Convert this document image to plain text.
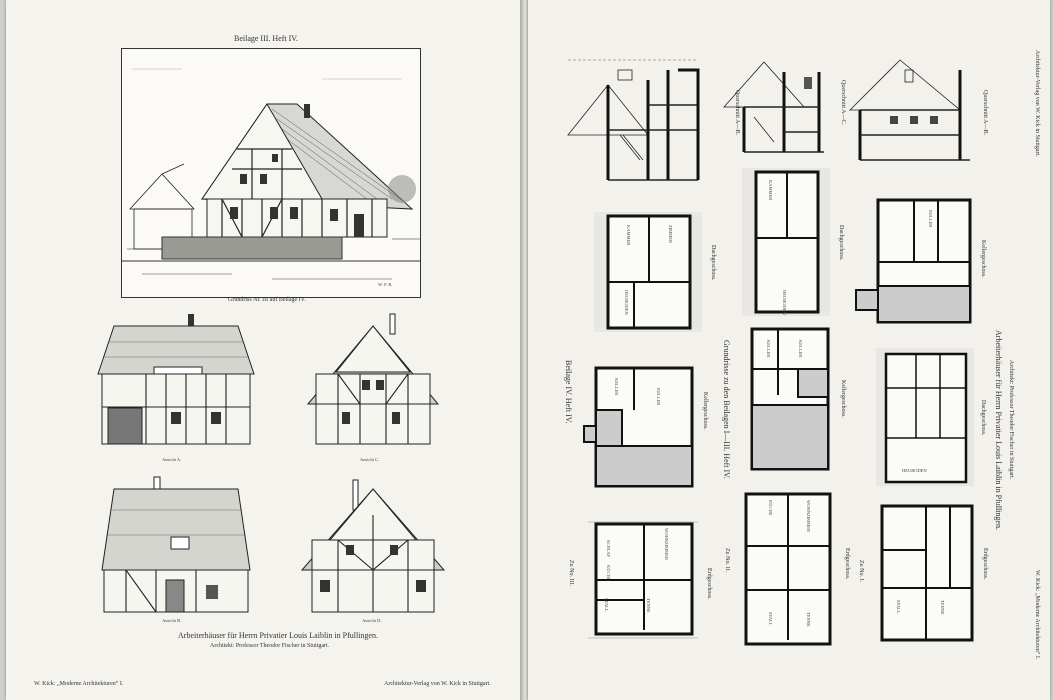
Beilage III. Heft IV.
Grundriss Nr. III auf Beilage IV.
W. P. B.
Ansicht A.	Ansicht C.
Ansicht B.	Ansicht D.
Arbeiterhäuser für Herrn Privatier Louis Laiblin in Pfullingen.
Architekt: Professor Theodor Fischer in Stuttgart.
W. Kick: „Moderne Architekturen“ I.	Architektur-Verlag von W. Kick in Stuttgart.
Querschnitt A—B.	Querschnitt A—C.	Querschnitt A—B.	Architektur-Verlag von W. Kick in Stuttgart.
KAMMER	ZIMMER
HEUBODEN
Dachgeschoss.
KAMMER
HEUBODEN
Dachgeschoss.
KELLER
Kellergeschoss.
Beilage IV. Heft IV.	Grundrisse zu den Beilagen I—III. Heft IV.	Arbeiterhäuser für Herrn Privatier Louis Laiblin in Pfullingen. Architekt: Professor Theodor Fischer in Stuttgart.
KELLER
KELLER	Kellergeschoss.
KELLER	KELLER
Kellergeschoss.
HEUBODEN
Dachgeschoss.
SCHLAF
KÜCHE
WOHNZIMMER
STALL	TENNE
Erdgeschoss.
Zu No. III.
KÜCHE	WOHNZIMMER
STALL	TENNE
Erdgeschoss.
Zu No. II.
STALL	TENNE
Erdgeschoss.
Zu No. I.	W. Kick: „Moderne Architekturen“ I.
